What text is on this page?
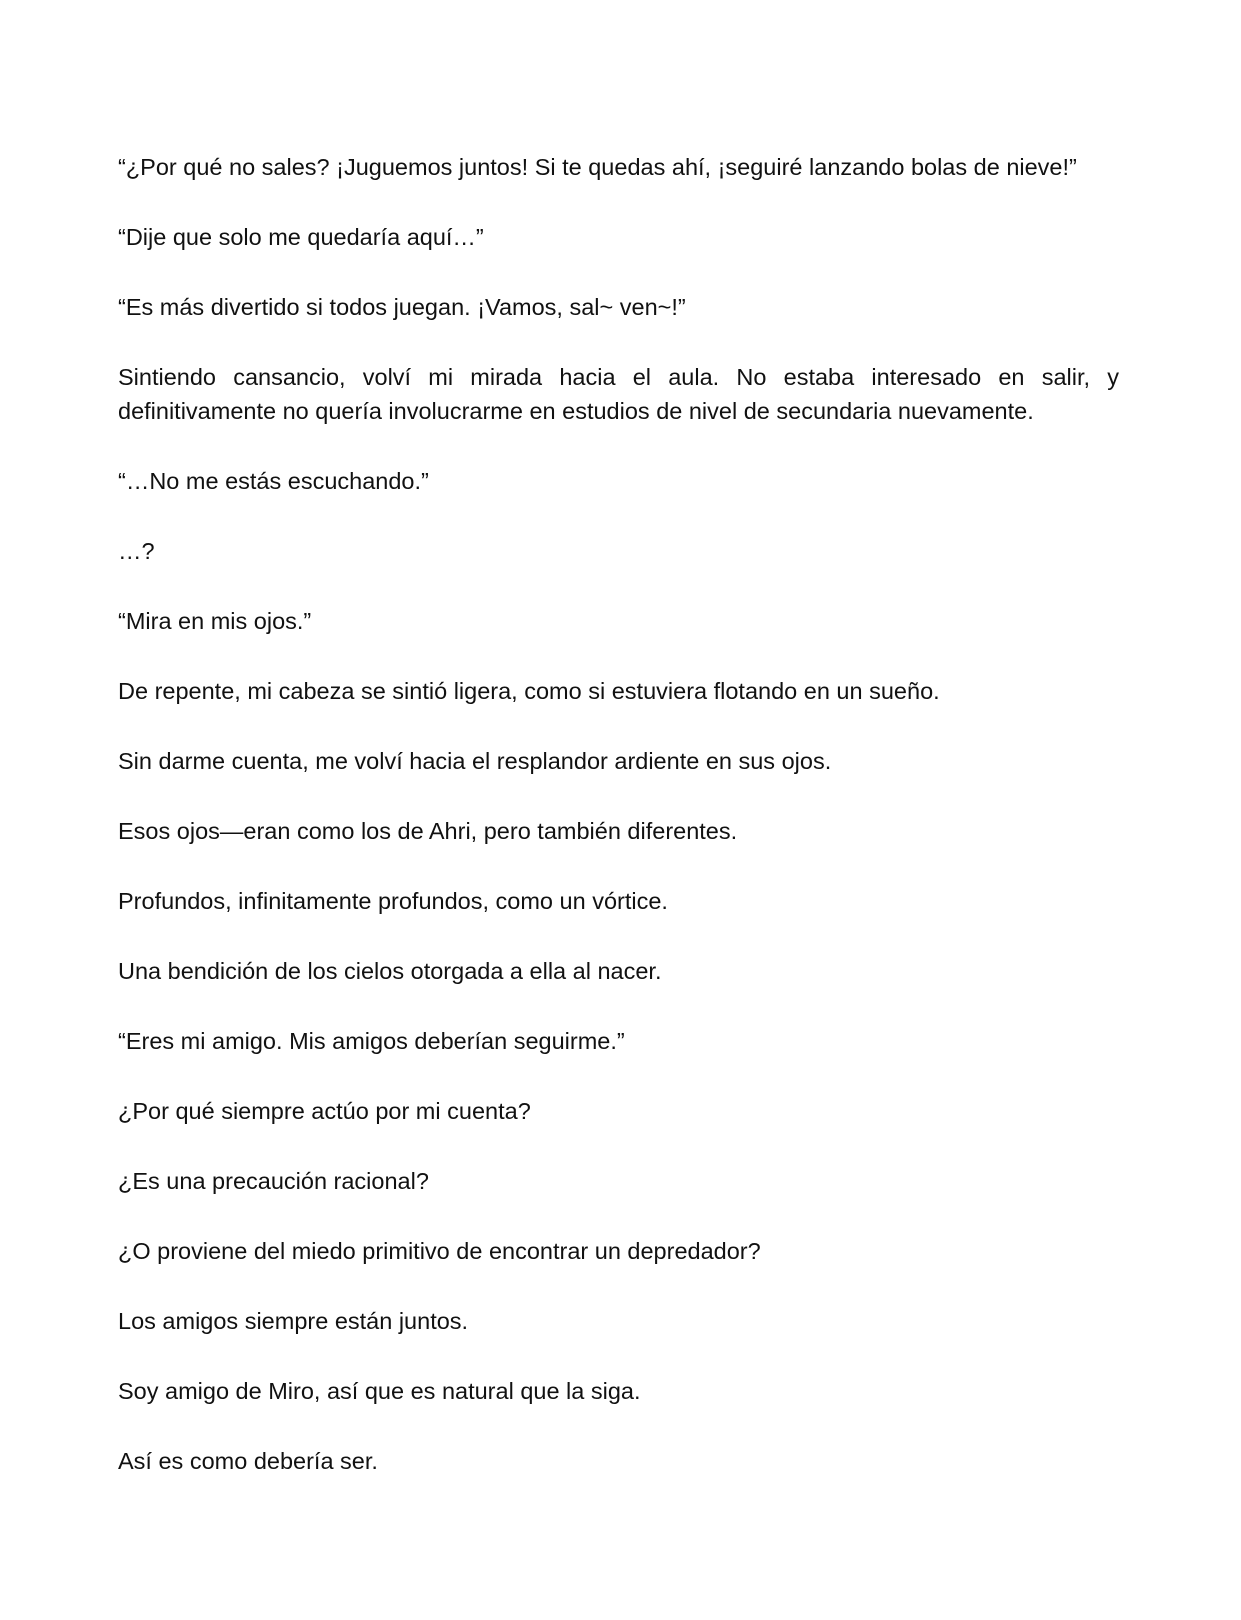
“¿Por qué no sales? ¡Juguemos juntos! Si te quedas ahí, ¡seguiré lanzando bolas de nieve!”

“Dije que solo me quedaría aquí…”

“Es más divertido si todos juegan. ¡Vamos, sal~ ven~!”

Sintiendo cansancio, volví mi mirada hacia el aula. No estaba interesado en salir, y definitivamente no quería involucrarme en estudios de nivel de secundaria nuevamente.

“…No me estás escuchando.”

…?

“Mira en mis ojos.”

De repente, mi cabeza se sintió ligera, como si estuviera flotando en un sueño.

Sin darme cuenta, me volví hacia el resplandor ardiente en sus ojos.

Esos ojos—eran como los de Ahri, pero también diferentes.

Profundos, infinitamente profundos, como un vórtice.

Una bendición de los cielos otorgada a ella al nacer.

“Eres mi amigo. Mis amigos deberían seguirme.”

¿Por qué siempre actúo por mi cuenta?

¿Es una precaución racional?

¿O proviene del miedo primitivo de encontrar un depredador?

Los amigos siempre están juntos.

Soy amigo de Miro, así que es natural que la siga.

Así es como debería ser.
